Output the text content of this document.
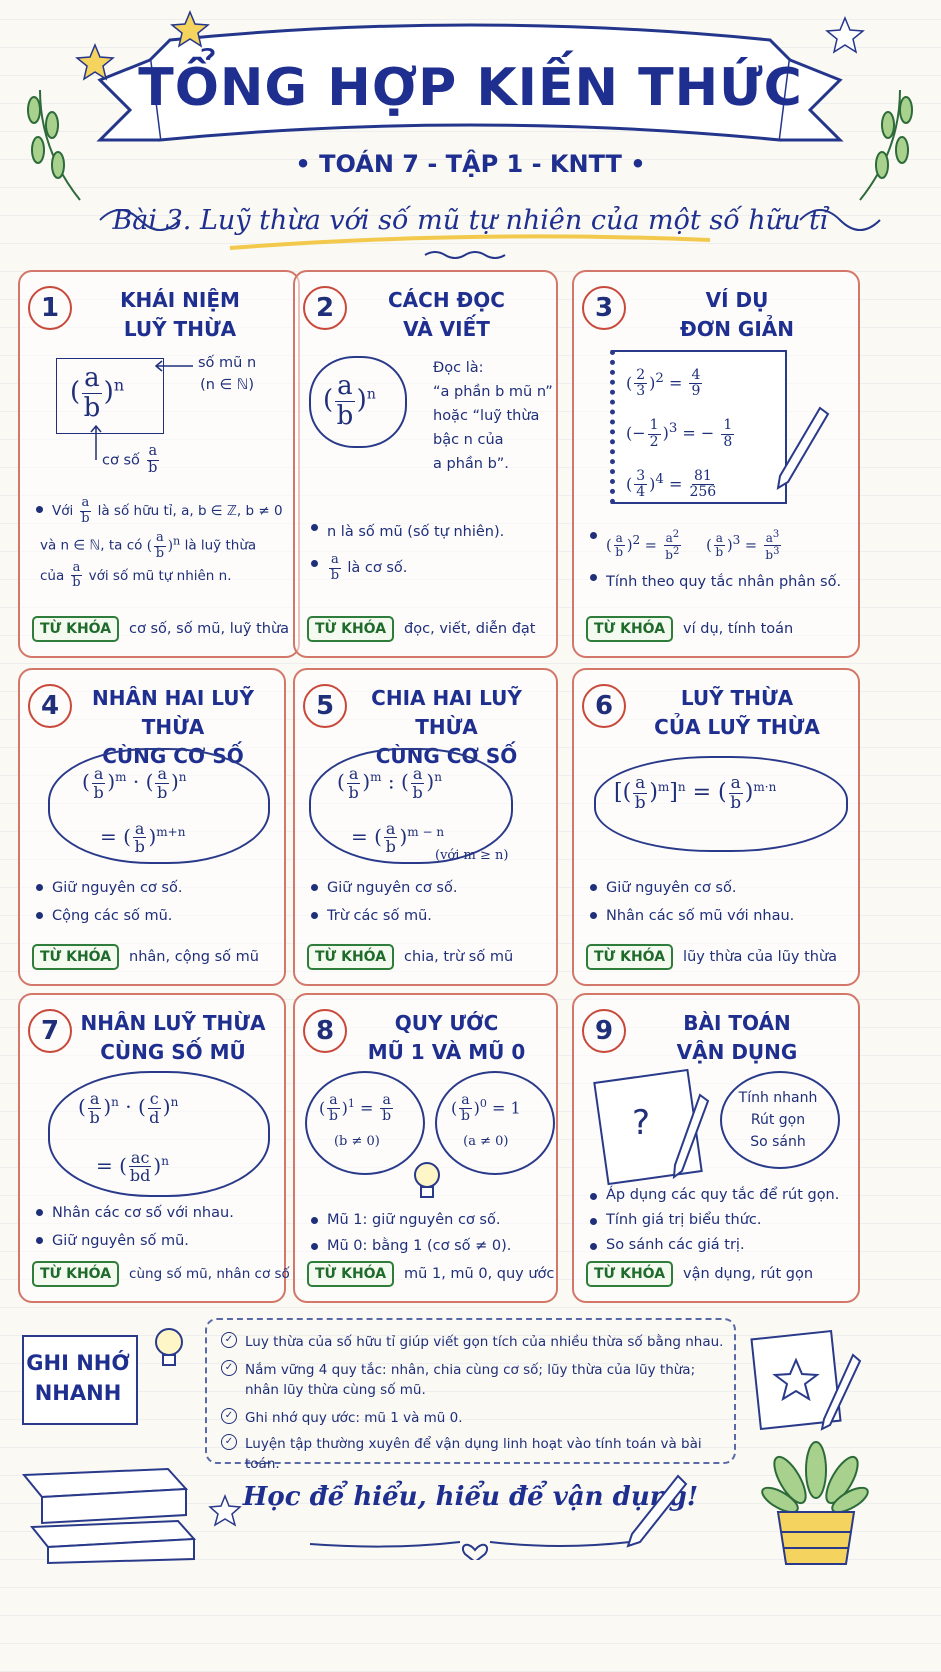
TỔNG HỢP KIẾN THỨC
• TOÁN 7 - TẬP 1 - KNTT •
Bài 3. Luỹ thừa với số mũ tự nhiên của một số hữu tỉ
1	KHÁI NIỆM
LUỸ THỪA
( $\frac{a}{b} )^n$
số mũ n
(n ∈ ℕ)
cơ số $\frac{a}{b}$
Với $\frac{a}{b}$ là số hữu tỉ, a, b ∈ ℤ, b ≠ 0
và n ∈ ℕ, ta có ( $\frac{a}{b} )^n$ là luỹ thừa
của $\frac{a}{b}$ với số mũ tự nhiên n.
TỪ KHÓA	cơ số, số mũ, luỹ thừa
2	CÁCH ĐỌC
VÀ VIẾT
( $\frac{a}{b} )^n$
Đọc là:
“a phần b mũ n”
hoặc “luỹ thừa
bậc n của
a phần b”.
n là số mũ (số tự nhiên).
$\frac{a}{b}$ là cơ số.
TỪ KHÓA	đọc, viết, diễn đạt
3	VÍ DỤ
ĐƠN GIẢN
( $\frac{2}{3} )^2 = \frac{4}{9}$
(− $\frac{1}{2} )^3$ = − $\frac{1}{8}$
( $\frac{3}{4} )^4 = \frac{81}{256}$
( $\frac{a}{b} )^2 = \frac{a^2}{b^2}$ ( $\frac{a}{b} )^3 = \frac{a^3}{b^3}$
Tính theo quy tắc nhân phân số.
TỪ KHÓA	ví dụ, tính toán
4	NHÂN HAI LUỸ THỪA
CÙNG CƠ SỐ
( $\frac{a}{b} )^m$ · ( $\frac{a}{b} )^n$
= ( $\frac{a}{b} )^{m+n}$
Giữ nguyên cơ số.
Cộng các số mũ.
TỪ KHÓA	nhân, cộng số mũ
5	CHIA HAI LUỸ THỪA
CÙNG CƠ SỐ
( $\frac{a}{b} )^m$ : ( $\frac{a}{b} )^n$
= ( $\frac{a}{b} )^{m - n}$
(với m ≥ n)
Giữ nguyên cơ số.
Trừ các số mũ.
TỪ KHÓA	chia, trừ số mũ
6	LUỸ THỪA
CỦA LUỸ THỪA
[( $\frac{a}{b} )^m]^n$ = ( $\frac{a}{b} )^{m\cdot n}$
Giữ nguyên cơ số.
Nhân các số mũ với nhau.
TỪ KHÓA	lũy thừa của lũy thừa
7	NHÂN LUỸ THỪA
CÙNG SỐ MŨ
( $\frac{a}{b} )^n$ · ( $\frac{c}{d} )^n$
= ( $\frac{ac}{bd} )^n$
Nhân các cơ số với nhau.
Giữ nguyên số mũ.
TỪ KHÓA	cùng số mũ, nhân cơ số
8	QUY ƯỚC
MŨ 1 VÀ MŨ 0
( $\frac{a}{b} )^1 = \frac{a}{b}$
(b ≠ 0)
( $\frac{a}{b} )^0 = 1$
(a ≠ 0)
Mũ 1: giữ nguyên cơ số.
Mũ 0: bằng 1 (cơ số ≠ 0).
TỪ KHÓA	mũ 1, mũ 0, quy ước
9	BÀI TOÁN
VẬN DỤNG
?
Tính nhanh
Rút gọn
So sánh
Áp dụng các quy tắc để rút gọn.
Tính giá trị biểu thức.
So sánh các giá trị.
TỪ KHÓA	vận dụng, rút gọn
GHI NHỚ
NHANH
✓ Luy thừa của số hữu tỉ giúp viết gọn tích của nhiều thừa số bằng nhau.
✓ Nắm vững 4 quy tắc: nhân, chia cùng cơ số; lũy thừa của lũy thừa;
nhân lũy thừa cùng số mũ.
✓ Ghi nhớ quy ước: mũ 1 và mũ 0.
✓ Luyện tập thường xuyên để vận dụng linh hoạt vào tính toán và bài toán.
Học để hiểu, hiểu để vận dụng!
